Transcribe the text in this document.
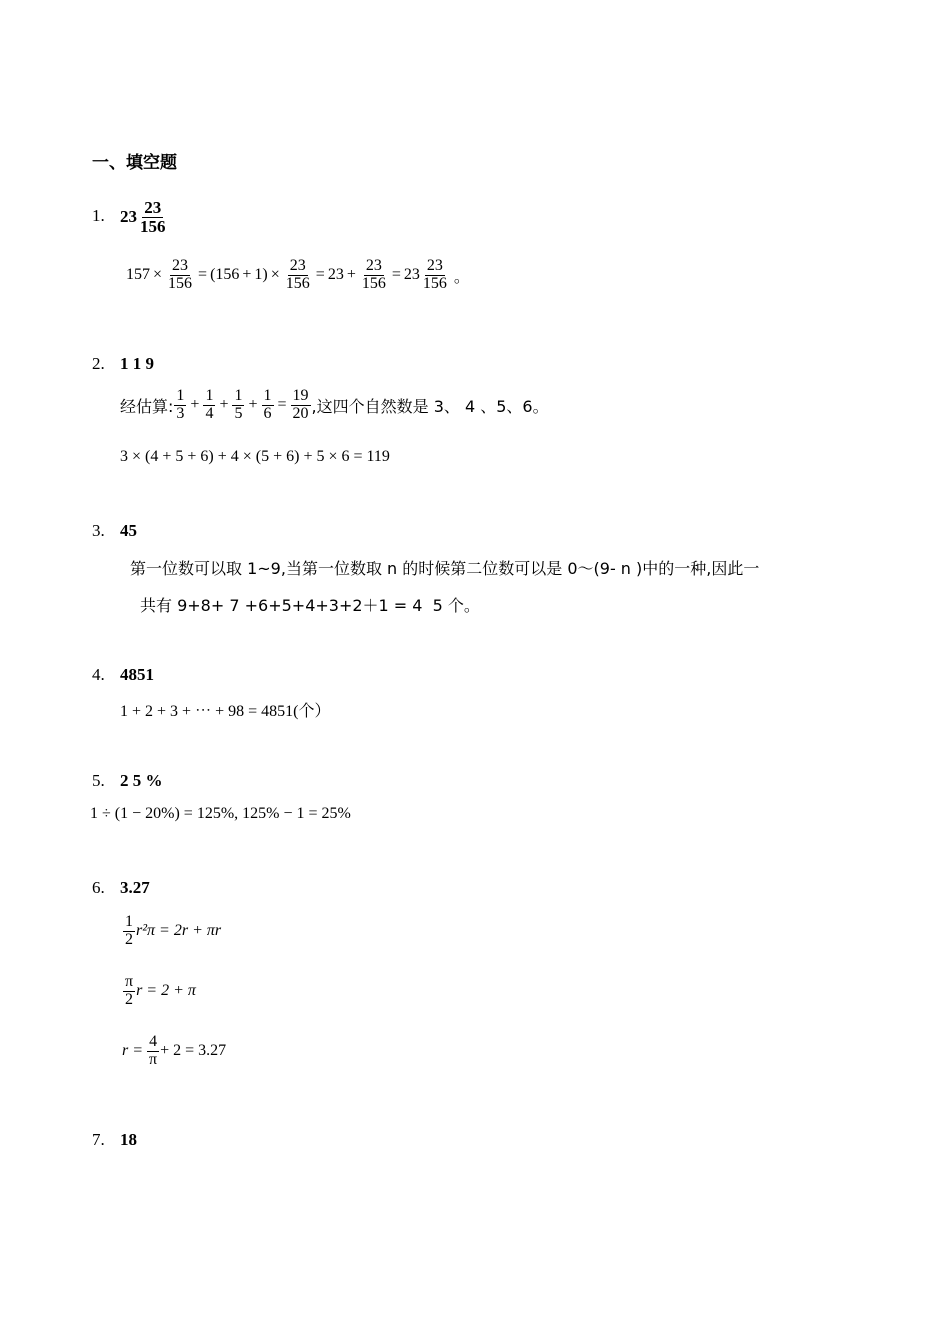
一、填空题
1. $23 \frac{23}{156}$
$157 \times \frac{23}{156} = (156 + 1) \times \frac{23}{156} = 23 + \frac{23}{156} = 23 \frac{23}{156}$ 。
2. 1 1 9
经估算: $\frac{1}{3} + \frac{1}{4} + \frac{1}{5} + \frac{1}{6} = \frac{19}{20}$ ,这四个自然数是 3、 4 、5、6。
3 × (4 + 5 + 6) + 4 × (5 + 6) + 5 × 6 = 119
3. 45
第一位数可以取 1~9,当第一位数取 n 的时候第二位数可以是 0～(9- n )中的一种,因此一
共有 9+8+ 7 +6+5+4+3+2＋1 = 4  5 个。
4. 4851
1 + 2 + 3 + ⋯ + 98 = 4851(个）
5. 2 5 %
1 ÷ (1 − 20%) = 125%, 125% − 1 = 25%
6. 3.27
$\frac{1}{2} r^2\pi = 2r + \pi r$
$\frac{\pi}{2}$ r = 2 + π
$r = \frac{4}{\pi} + 2 = 3.27$
7. 18
